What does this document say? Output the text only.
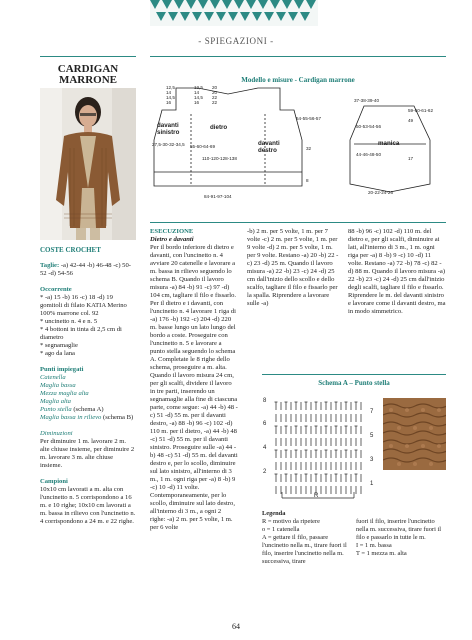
- SPIEGAZIONI -
CARDIGAN
MARRONE
COSTE CROCHET
Taglie: -a) 42-44 -b) 46-48 -c) 50-52 -d) 54-56
Occorrente
* -a) 15 -b) 16 -c) 18 -d) 19 gomitoli di filato KATIA Merino 100% marrone col. 92
* uncinetto n. 4 e n. 5
* 4 bottoni in tinta di 2,5 cm di diametro
* segnamaglie
* ago da lana
Punti impiegati
Catenella
Maglia bassa
Mezza maglia alta
Maglia alta
Punto stella (schema A)
Maglia bassa in rilievo (schema B)
Diminuzioni
Per diminuire 1 m. lavorare 2 m. alte chiuse insieme, per diminuire 2 m. lavorare 3 m. alte chiuse insieme.
Campioni
10x10 cm lavorati a m. alta con l'uncinetto n. 5 corrispondono a 16 m. e 10 righe; 10x10 cm lavorati a m. bassa in rilievo con l'uncinetto n. 4 corrispondono a 24 m. e 22 righe.
Modello e misure - Cardigan marrone
12,5
14
14,5
16
12,5
14
14,5
16
20
20
22
22
davanti
sinistro
dietro
davanti
destro
manica
27,5-30-32-34,5 55-60-64-69
110-120-128-138
84-91-97-104
54-55-56-57
32
8
37-38-39-40
50-53-54-56
44-46-48-50
20-22-24-26
59-60-61-62
49
17
ESECUZIONE
Dietro e davanti
Per il bordo inferiore di dietro e davanti, con l'uncinetto n. 4 avviare 20 catenelle e lavorare a m. bassa in rilievo seguendo lo schema B. Quando il lavoro misura -a) 84 -b) 91 -c) 97 -d) 104 cm, tagliare il filo e fissarlo. Per il dietro e i davanti, con l'uncinetto n. 4 lavorare 1 riga di -a) 176 -b) 192 -c) 204 -d) 220 m. basse lungo un lato lungo del bordo a coste. Proseguire con l'uncinetto n. 5 e lavorare a punto stella seguendo lo schema A. Completate le 8 righe dello schema, proseguire a m. alta. Quando il lavoro misura 24 cm, per gli scalfi, dividere il lavoro in tre parti, inserendo un segnamaglie alla fine di ciascuna parte, come segue: -a) 44 -b) 48 -c) 51 -d) 55 m. per il davanti destro, -a) 88 -b) 96 -c) 102 -d) 110 m. per il dietro, -a) 44 -b) 48 -c) 51 -d) 55 m. per il davanti sinistro. Proseguire sulle -a) 44 -b) 48 -c) 51 -d) 55 m. del davanti destro e, per lo scollo, diminuire sul lato sinistro, all'interno di 3 m., 1 m. ogni riga per -a) 8 -b) 9 -c) 10 -d) 11 volte. Contemporaneamente, per lo scollo, diminuire sul lato destro, all'interno di 3 m., a ogni 2 righe: -a) 2 m. per 5 volte, 1 m. per 6 volte
-b) 2 m. per 5 volte, 1 m. per 7 volte -c) 2 m. per 5 volte, 1 m. per 9 volte -d) 2 m. per 5 volte, 1 m. per 9 volte. Restano -a) 20 -b) 22 -c) 23 -d) 25 m. Quando il lavoro misura -a) 22 -b) 23 -c) 24 -d) 25 cm dall'inizio dello scollo e dello scalfo, tagliare il filo e fissarlo per la spalla. Riprendere a lavorare sulle -a)
88 -b) 96 -c) 102 -d) 110 m. del dietro e, per gli scalfi, diminuire ai lati, all'interno di 3 m., 1 m. ogni riga per -a) 8 -b) 9 -c) 10 -d) 11 volte. Restano -a) 72 -b) 78 -c) 82 -d) 88 m. Quando il lavoro misura -a) 22 -b) 23 -c) 24 -d) 25 cm dall'inizio degli scalfi, tagliare il filo e fissarlo. Riprendere le m. del davanti sinistro e lavorare come il davanti destro, ma in modo simmetrico.
Schema A – Punto stella
8
7
6
5
4
3
2
1
R
Legenda
R = motivo da ripetere
o = 1 catenella
A = gettare il filo, passare l'uncinetto nella m., tirare fuori il filo, inserire l'uncinetto nella m. successiva, tirare
fuori il filo, inserire l'uncinetto nella m. successiva, tirare fuori il filo e passarlo in tutte le m.
I = 1 m. bassa
T = 1 mezza m. alta
64
